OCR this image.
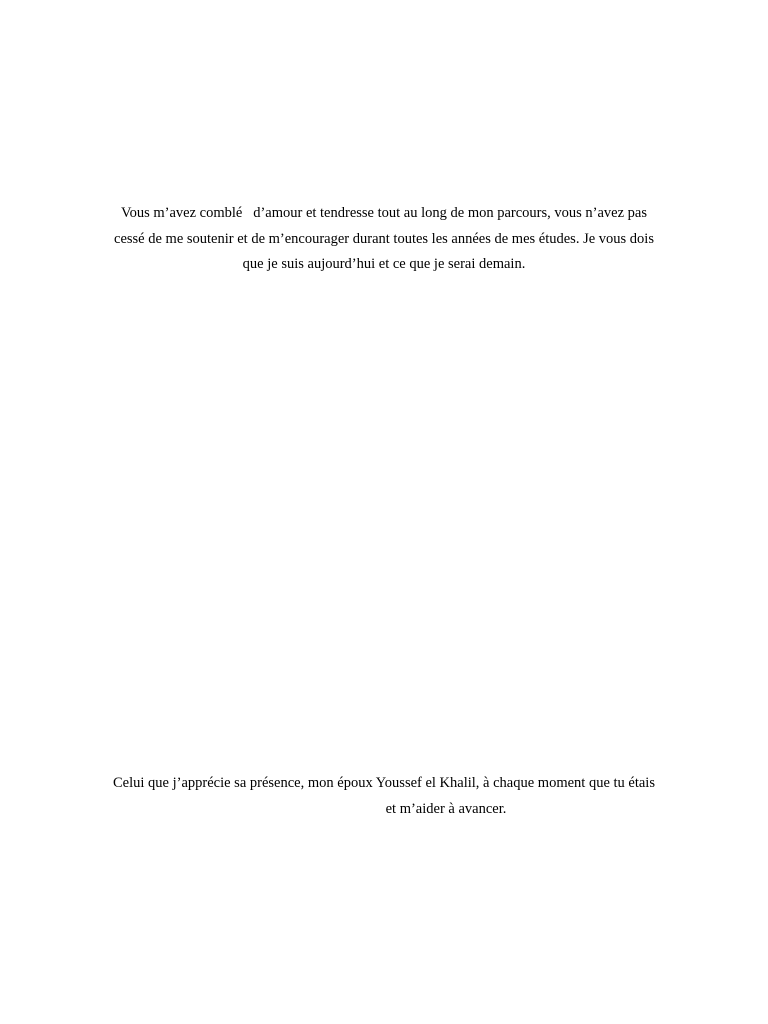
Vous m’avez comblé   d’amour et tendresse tout au long de mon parcours, vous n’avez pas
cessé de me soutenir et de m’encourager durant toutes les années de mes études. Je vous dois
que je suis aujourd’hui et ce que je serai demain.
Celui que j’apprécie sa présence, mon époux Youssef el Khalil, à chaque moment que tu étais
et m’aider à avancer.
